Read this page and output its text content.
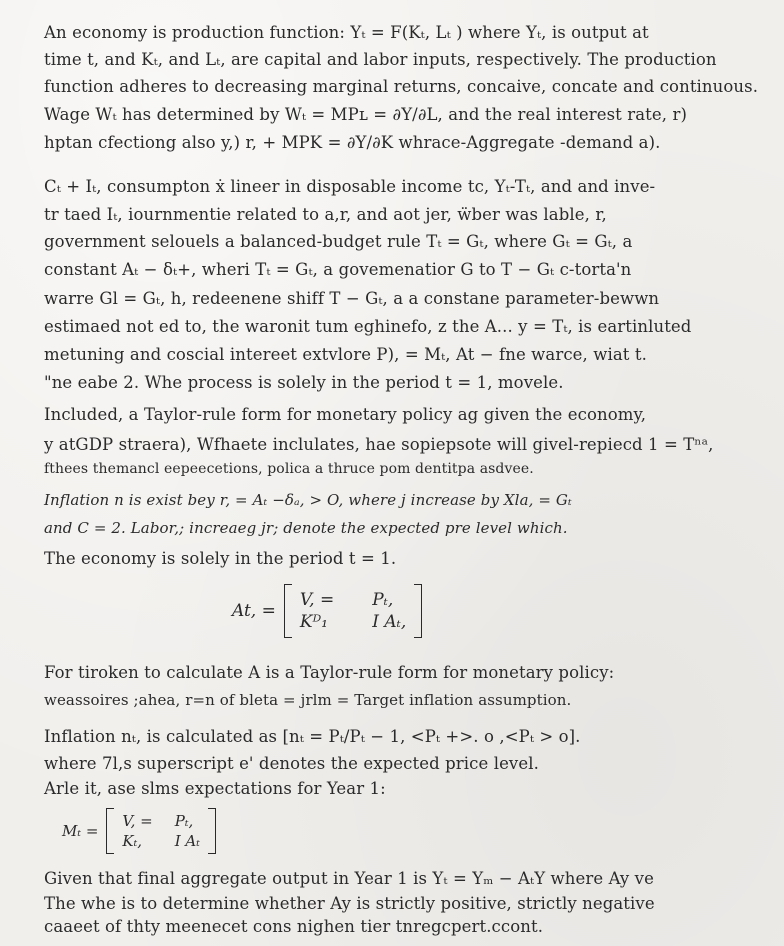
An economy is production function: Yₜ = F(Kₜ, Lₜ ) where Yₜ, is output at
time t, and Kₜ, and Lₜ, are capital and labor inputs, respectively. The production
function adheres to decreasing marginal returns, concaive, concate and continuous.
Wage Wₜ has determined by Wₜ = MPʟ = ∂Y/∂L, and the real interest rate, r)
hptan cfectiong also y,) r, + MPK = ∂Y/∂K whrace-Aggregate -demand a).
Cₜ + Iₜ, consumpton ẋ lineer in disposable income tc, Yₜ-Tₜ, and and inve-
tr taed Iₜ, iournmentie related to a,r, and aot jer, ẅber was lable, r,
government selouels a balanced-budget rule Tₜ = Gₜ, where Gₜ = Gₜ, a
constant Aₜ − δₜ+, wheri Tₜ = Gₜ, a govemenatior G to T − Gₜ c-torta'n
warre Gl = Gₜ, h, redeenene shiff T − Gₜ, a a constane parameter-bewwn
estimaed not ed to, the waronit tum eghinefo, z the A... y = Tₜ, is eartinluted
metuning and coscial intereet extvlore P), = Mₜ, At − fne warce, wiat t.
"ne eabe 2. Whe process is solely in the period t = 1, movele.
Included, a Taylor-rule form for monetary policy ag given the economy,
y atGDP straera), Wfhaete inclulates, hae sopiepsote will givel-repiecd 1 = Tⁿᵃ,
fthees themancl eepeecetions, polica a thruce pom dentitpa asdvee.
Inflation n is exist bey r, = Aₜ −δₐ, > O, where j increase by Xla, = Gₜ
and C = 2. Labor,; increaeg jr; denote the expected pre level which.
The economy is solely in the period t = 1.
At, =
V, = Pₜ,
Kᴰ₁	I Aₜ,
For tiroken to calculate A is a Taylor-rule form for monetary policy:
weassoires ;ahea, r=n of bleta = jrlm = Target inflation assumption.
Inflation nₜ, is calculated as [nₜ = Pₜ/Pₜ − 1, <Pₜ +>. o ,<Pₜ > o].
where 7l,s superscript e' denotes the expected price level.
Arle it, ase slms expectations for Year 1:
Mₜ =
V, = Pₜ,
Kₜ,	I Aₜ
Given that final aggregate output in Year 1 is Yₜ = Yₘ − AₜY where Ay ve
The whe is to determine whether Ay is strictly positive, strictly negative
caaeet of thty meenecet cons nighen tier tnregcpert.ccont.
